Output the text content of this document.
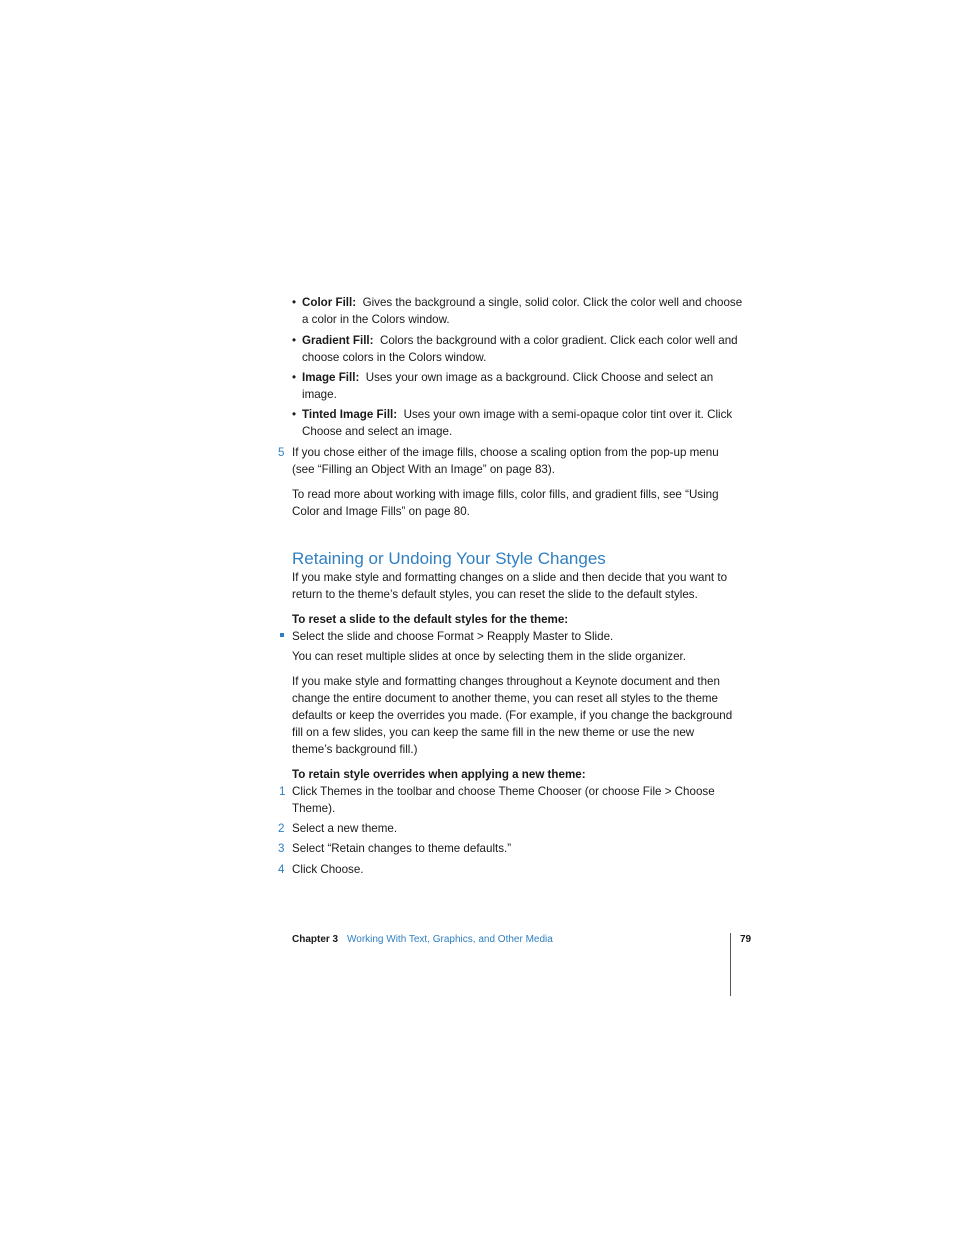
• Color Fill: Gives the background a single, solid color. Click the color well and choose
a color in the Colors window.
• Gradient Fill: Colors the background with a color gradient. Click each color well and
choose colors in the Colors window.
• Image Fill: Uses your own image as a background. Click Choose and select an
image.
• Tinted Image Fill: Uses your own image with a semi-opaque color tint over it. Click
Choose and select an image.
5 If you chose either of the image fills, choose a scaling option from the pop-up menu
(see “Filling an Object With an Image” on page 83).
To read more about working with image fills, color fills, and gradient fills, see “Using
Color and Image Fills” on page 80.
Retaining or Undoing Your Style Changes
If you make style and formatting changes on a slide and then decide that you want to
return to the theme’s default styles, you can reset the slide to the default styles.
To reset a slide to the default styles for the theme:
Select the slide and choose Format > Reapply Master to Slide.
You can reset multiple slides at once by selecting them in the slide organizer.
If you make style and formatting changes throughout a Keynote document and then
change the entire document to another theme, you can reset all styles to the theme
defaults or keep the overrides you made. (For example, if you change the background
fill on a few slides, you can keep the same fill in the new theme or use the new
theme’s background fill.)
To retain style overrides when applying a new theme:
1 Click Themes in the toolbar and choose Theme Chooser (or choose File > Choose
Theme).
2 Select a new theme.
3 Select “Retain changes to theme defaults.”
4 Click Choose.
Chapter 3 Working With Text, Graphics, and Other Media	79
